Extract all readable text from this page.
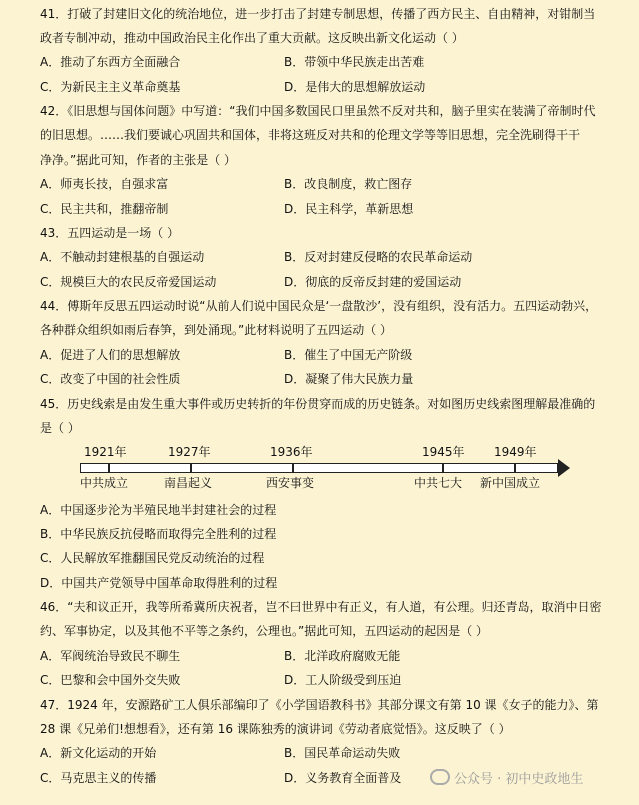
41．打破了封建旧文化的统治地位，进一步打击了封建专制思想，传播了西方民主、自由精神，对钳制当
政者专制冲动，推动中国政治民主化作出了重大贡献。这反映出新文化运动（ ）
A．推动了东西方全面融合	B．带领中华民族走出苦难
C．为新民主主义革命奠基	D．是伟大的思想解放运动
42．《旧思想与国体问题》中写道：“我们中国多数国民口里虽然不反对共和，脑子里实在装满了帝制时代
的旧思想。……我们要诚心巩固共和国体，非将这班反对共和的伦理文学等等旧思想，完全洗刷得干干
净净。”据此可知，作者的主张是（ ）
A．师夷长技，自强求富	B．改良制度，救亡图存
C．民主共和，推翻帝制	D．民主科学，革新思想
43．五四运动是一场（ ）
A．不触动封建根基的自强运动	B．反对封建反侵略的农民革命运动
C．规模巨大的农民反帝爱国运动	D．彻底的反帝反封建的爱国运动
44．傅斯年反思五四运动时说“从前人们说中国民众是‘一盘散沙’，没有组织，没有活力。五四运动勃兴，
各种群众组织如雨后春笋，到处涌现。”此材料说明了五四运动（ ）
A．促进了人们的思想解放	B．催生了中国无产阶级
C．改变了中国的社会性质	D．凝聚了伟大民族力量
45．历史线索是由发生重大事件或历史转折的年份贯穿而成的历史链条。对如图历史线索图理解最准确的
是（ ）
1921年	1927年	1936年	1945年 1949年
中共成立	南昌起义	西安事变	中共七大 新中国成立
A．中国逐步沦为半殖民地半封建社会的过程
B．中华民族反抗侵略而取得完全胜利的过程
C．人民解放军推翻国民党反动统治的过程
D．中国共产党领导中国革命取得胜利的过程
46．“夫和议正开，我等所希冀所庆祝者，岂不曰世界中有正义，有人道，有公理。归还青岛，取消中日密
约、军事协定，以及其他不平等之条约，公理也。”据此可知，五四运动的起因是（ ）
A．军阀统治导致民不聊生	B．北洋政府腐败无能
C．巴黎和会中国外交失败	D．工人阶级受到压迫
47．1924 年，安源路矿工人俱乐部编印了《小学国语教科书》其部分课文有第 10 课《女子的能力》、第
28 课《兄弟们!想想看》，还有第 16 课陈独秀的演讲词《劳动者底觉悟》。这反映了（ ）
A．新文化运动的开始	B．国民革命运动失败
C．马克思主义的传播	D．义务教育全面普及	公众号 · 初中史政地生
